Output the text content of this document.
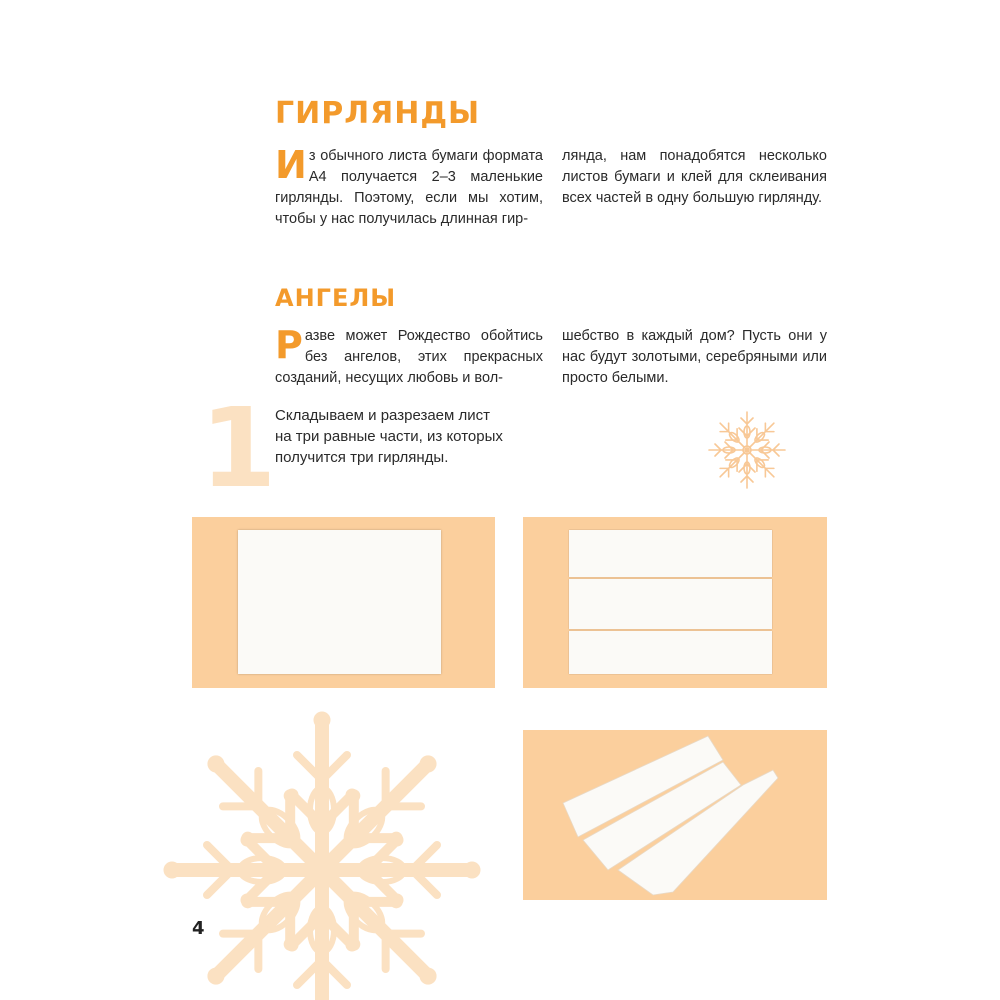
ГИРЛЯНДЫ
Из обычного листа бумаги формата А4 получается 2–3 маленькие гирлянды. Поэтому, если мы хотим, чтобы у нас получилась длинная гир-
лянда, нам понадобятся несколько листов бумаги и клей для склеивания всех частей в одну большую гирлянду.
АНГЕЛЫ
Разве может Рождество обойтись без ангелов, этих прекрасных созданий, несущих любовь и вол-
шебство в каждый дом? Пусть они у нас будут золотыми, серебряными или просто белыми.
1
Складываем и разрезаем лист на три равные части, из которых получится три гирлянды.
4
